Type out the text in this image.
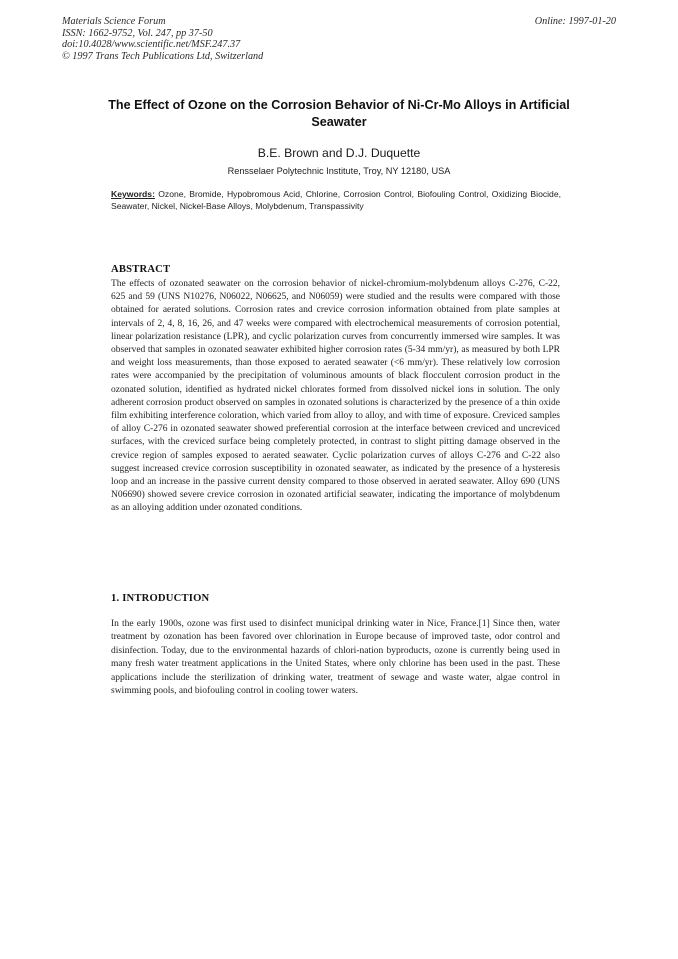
Materials Science Forum
ISSN: 1662-9752, Vol. 247, pp 37-50
doi:10.4028/www.scientific.net/MSF.247.37
© 1997 Trans Tech Publications Ltd, Switzerland
Online: 1997-01-20
The Effect of Ozone on the Corrosion Behavior of Ni-Cr-Mo Alloys in Artificial Seawater
B.E. Brown and D.J. Duquette
Rensselaer Polytechnic Institute, Troy, NY 12180, USA
Keywords: Ozone, Bromide, Hypobromous Acid, Chlorine, Corrosion Control, Biofouling Control, Oxidizing Biocide, Seawater, Nickel, Nickel-Base Alloys, Molybdenum, Transpassivity
ABSTRACT
The effects of ozonated seawater on the corrosion behavior of nickel-chromium-molybdenum alloys C-276, C-22, 625 and 59 (UNS N10276, N06022, N06625, and N06059) were studied and the results were compared with those obtained for aerated solutions. Corrosion rates and crevice corrosion information obtained from plate samples at intervals of 2, 4, 8, 16, 26, and 47 weeks were compared with electrochemical measurements of corrosion potential, linear polarization resistance (LPR), and cyclic polarization curves from concurrently immersed wire samples. It was observed that samples in ozonated seawater exhibited higher corrosion rates (5-34 mm/yr), as measured by both LPR and weight loss measurements, than those exposed to aerated seawater (<6 mm/yr). These relatively low corrosion rates were accompanied by the precipitation of voluminous amounts of black flocculent corrosion product in the ozonated solution, identified as hydrated nickel chlorates formed from dissolved nickel ions in solution. The only adherent corrosion product observed on samples in ozonated solutions is characterized by the presence of a thin oxide film exhibiting interference coloration, which varied from alloy to alloy, and with time of exposure. Creviced samples of alloy C-276 in ozonated seawater showed preferential corrosion at the interface between creviced and uncreviced surfaces, with the creviced surface being completely protected, in contrast to slight pitting damage observed in the crevice region of samples exposed to aerated seawater. Cyclic polarization curves of alloys C-276 and C-22 also suggest increased crevice corrosion susceptibility in ozonated seawater, as indicated by the presence of a hysteresis loop and an increase in the passive current density compared to those observed in aerated seawater. Alloy 690 (UNS N06690) showed severe crevice corrosion in ozonated artificial seawater, indicating the importance of molybdenum as an alloying addition under ozonated conditions.
1. INTRODUCTION
In the early 1900s, ozone was first used to disinfect municipal drinking water in Nice, France.[1] Since then, water treatment by ozonation has been favored over chlorination in Europe because of improved taste, odor control and disinfection. Today, due to the environmental hazards of chlori-nation byproducts, ozone is currently being used in many fresh water treatment applications in the United States, where only chlorine has been used in the past. These applications include the sterilization of drinking water, treatment of sewage and waste water, algae control in swimming pools, and biofouling control in cooling tower waters.
